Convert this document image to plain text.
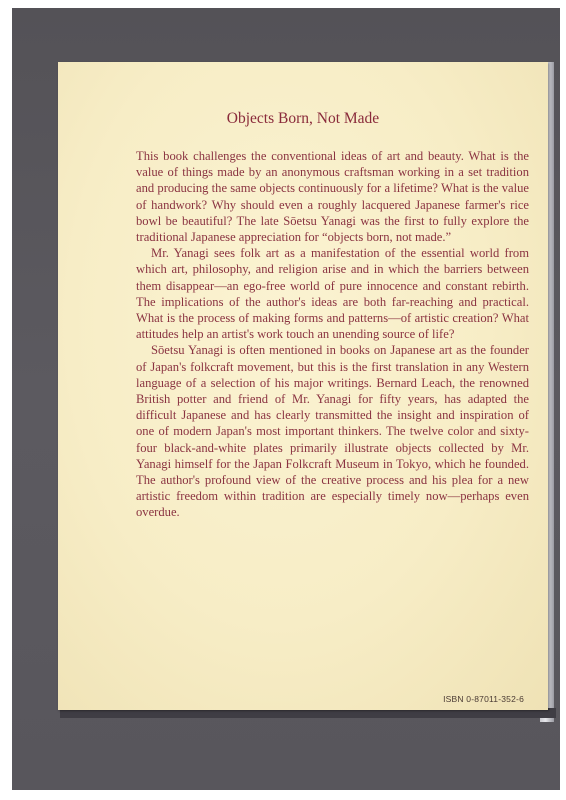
Objects Born, Not Made

This book challenges the conventional ideas of art and beauty. What is the value of things made by an anonymous craftsman working in a set tradition and producing the same objects continuously for a lifetime? What is the value of handwork? Why should even a roughly lacquered Japanese farmer's rice bowl be beautiful? The late Sōetsu Yanagi was the first to fully explore the traditional Japanese appreciation for “objects born, not made.”

Mr. Yanagi sees folk art as a manifestation of the essential world from which art, philosophy, and religion arise and in which the barriers between them disappear—an ego-free world of pure innocence and constant rebirth. The implications of the author's ideas are both far-reaching and practical. What is the process of making forms and patterns—of artistic creation? What attitudes help an artist's work touch an unending source of life?

Sōetsu Yanagi is often mentioned in books on Japanese art as the founder of Japan's folkcraft movement, but this is the first translation in any Western language of a selection of his major writings. Bernard Leach, the renowned British potter and friend of Mr. Yanagi for fifty years, has adapted the difficult Japanese and has clearly transmitted the insight and inspiration of one of modern Japan's most important thinkers. The twelve color and sixty-four black-and-white plates primarily illustrate objects collected by Mr. Yanagi himself for the Japan Folkcraft Museum in Tokyo, which he founded. The author's profound view of the creative process and his plea for a new artistic freedom within tradition are especially timely now—perhaps even overdue.

ISBN 0-87011-352-6
